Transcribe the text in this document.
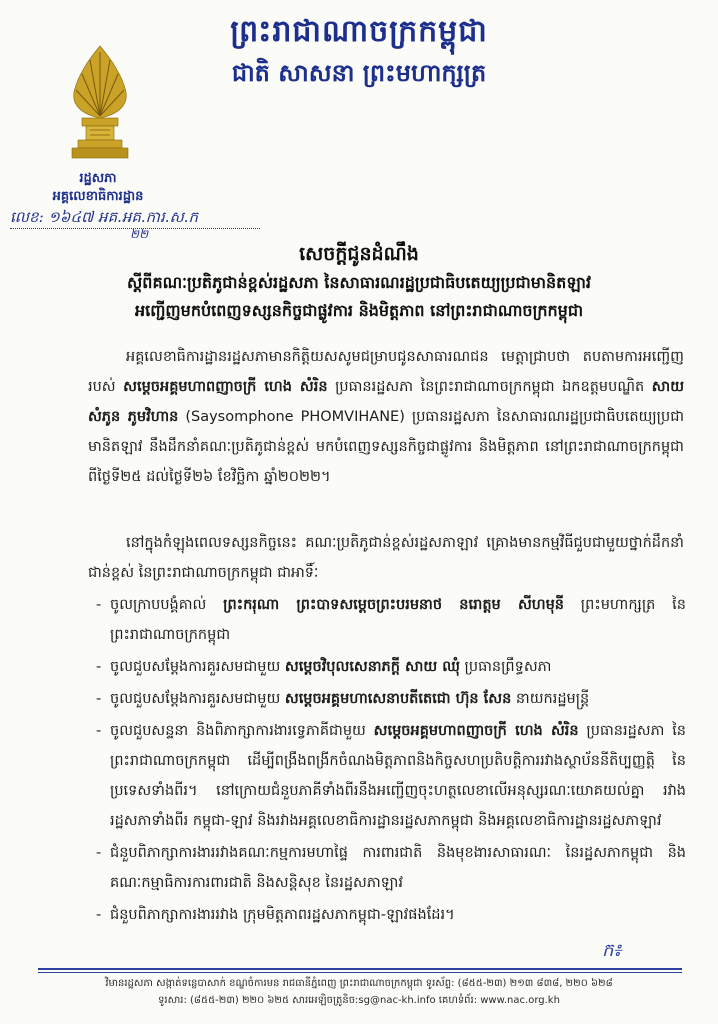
ព្រះរាជាណាចក្រកម្ពុជា
ជាតិ សាសនា ព្រះមហាក្សត្រ
រដ្ឋសភា
អគ្គលេខាធិការដ្ឋាន
លេខ: ១៦៤៧ អគ.អគ.ការ.ស.ក
២២
សេចក្តីជូនដំណឹង
ស្តីពីគណៈប្រតិភូជាន់ខ្ពស់រដ្ឋសភា នៃសាធារណរដ្ឋប្រជាធិបតេយ្យប្រជាមានិតឡាវ
អញ្ជើញមកបំពេញទស្សនកិច្ចជាផ្លូវការ និងមិត្តភាព នៅព្រះរាជាណាចក្រកម្ពុជា
អគ្គលេខាធិការដ្ឋានរដ្ឋសភាមានកិត្តិយសសូមជម្រាបជូនសាធារណជន មេត្តាជ្រាបថា តបតាមការអញ្ជើញរបស់ សម្តេចអគ្គមហាពញាចក្រី ហេង សំរិន ប្រធានរដ្ឋសភា នៃព្រះរាជាណាចក្រកម្ពុជា ឯកឧត្តមបណ្ឌិត សាយ សំភូន ភូមវិហាន (Saysomphone PHOMVIHANE) ប្រធានរដ្ឋសភា នៃសាធារណរដ្ឋប្រជាធិបតេយ្យប្រជាមានិតឡាវ នឹងដឹកនាំគណៈប្រតិភូជាន់ខ្ពស់ មកបំពេញទស្សនកិច្ចជាផ្លូវការ និងមិត្តភាព នៅព្រះរាជាណាចក្រកម្ពុជា ពីថ្ងៃទី២៥ ដល់ថ្ងៃទី២៦ ខែវិច្ឆិកា ឆ្នាំ២០២២។
នៅក្នុងកំឡុងពេលទស្សនកិច្ចនេះ គណៈប្រតិភូជាន់ខ្ពស់រដ្ឋសភាឡាវ គ្រោងមានកម្មវិធីជួបជាមួយថ្នាក់ដឹកនាំជាន់ខ្ពស់ នៃព្រះរាជាណាចក្រកម្ពុជា ជាអាទិ៍ៈ
- ចូលក្រាបបង្គំគាល់ ព្រះករុណា ព្រះបាទសម្តេចព្រះបរមនាថ នរោត្តម សីហមុនី ព្រះមហាក្សត្រ នៃព្រះរាជាណាចក្រកម្ពុជា
- ចូលជួបសម្តែងការគួរសមជាមួយ សម្តេចវិបុលសេនាភក្តី សាយ ឈុំ ប្រធានព្រឹទ្ធសភា
- ចូលជួបសម្តែងការគួរសមជាមួយ សម្តេចអគ្គមហាសេនាបតីតេជោ ហ៊ុន សែន នាយករដ្ឋមន្ត្រី
- ចូលជួបសន្ទនា និងពិភាក្សាការងារទ្វេភាគីជាមួយ សម្តេចអគ្គមហាពញាចក្រី ហេង សំរិន ប្រធានរដ្ឋសភា នៃព្រះរាជាណាចក្រកម្ពុជា ដើម្បីពង្រឹងពង្រីកចំណងមិត្តភាពនិងកិច្ចសហប្រតិបត្តិការរវាងស្ថាប័ននីតិប្បញ្ញត្តិ នៃប្រទេសទាំងពីរ។ នៅក្រោយជំនួបភាគីទាំងពីរនឹងអញ្ជើញចុះហត្ថលេខាលើអនុស្សរណៈយោគយល់គ្នា រវាងរដ្ឋសភាទាំងពីរ កម្ពុជា-ឡាវ និងរវាងអគ្គលេខាធិការដ្ឋានរដ្ឋសភាកម្ពុជា និងអគ្គលេខាធិការដ្ឋានរដ្ឋសភាឡាវ
- ជំនួបពិភាក្សាការងាររវាងគណៈកម្មការមហាផ្ទៃ ការពារជាតិ និងមុខងារសាធារណៈ នៃរដ្ឋសភាកម្ពុជា និងគណៈកម្មាធិការការពារជាតិ និងសន្តិសុខ នៃរដ្ឋសភាឡាវ
- ជំនួបពិភាក្សាការងាររវាង ក្រុមមិត្តភាពរដ្ឋសភាកម្ពុជា-ឡាវផងដែរ។
ក៖
វិមានរដ្ឋសភា សង្កាត់ទន្លេបាសាក់ ខណ្ឌចំការមន រាជធានីភ្នំពេញ ព្រះរាជាណាចក្រកម្ពុជា ទូរស័ព្ទ: (៨៥៥-២៣) ២១៣ ៨៣៨, ២២០ ៦២៨
ទូរសារ: (៨៥៥-២៣) ២២០ ៦២៥ សារអេឡិចត្រូនិច:sg@nac-kh.info គេហទំព័រ: www.nac.org.kh
